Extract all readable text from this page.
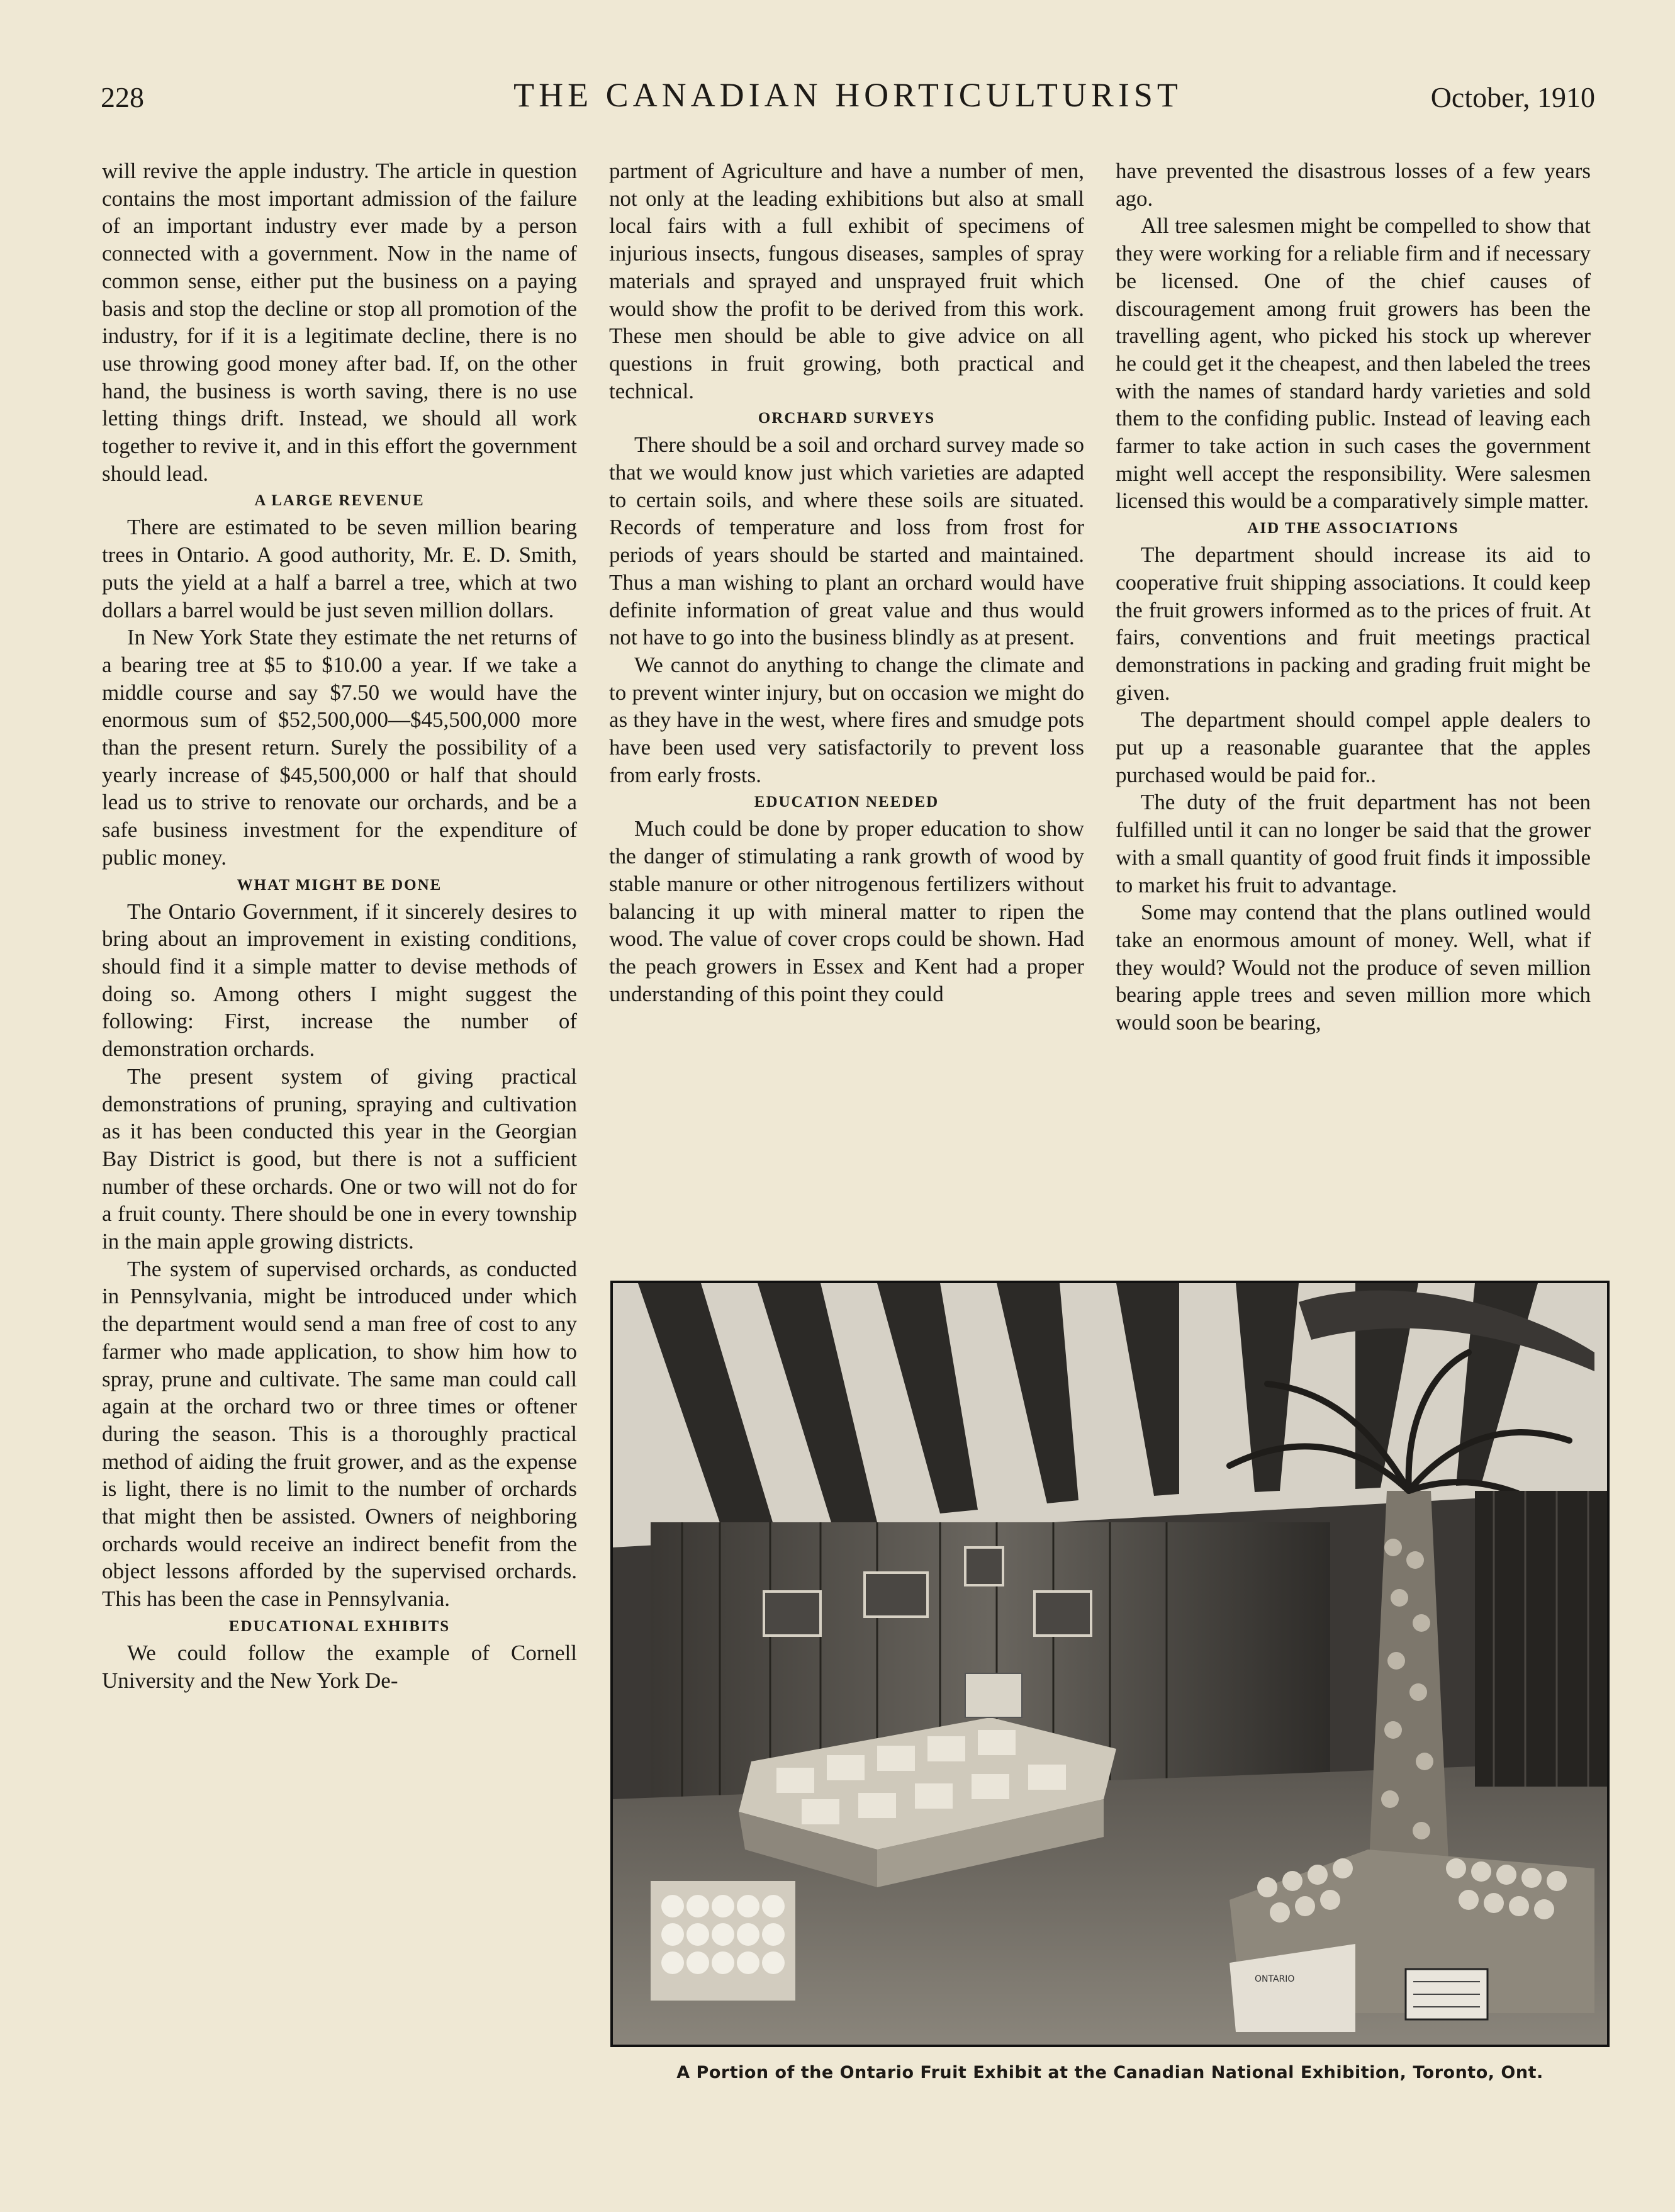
228	THE CANADIAN HORTICULTURIST	October, 1910

will revive the apple industry. The article in question contains the most important admission of the failure of an important industry ever made by a person connected with a government. Now in the name of common sense, either put the business on a paying basis and stop the decline or stop all promotion of the industry, for if it is a legitimate decline, there is no use throwing good money after bad. If, on the other hand, the business is worth saving, there is no use letting things drift. Instead, we should all work together to revive it, and in this effort the government should lead.

A LARGE REVENUE

There are estimated to be seven million bearing trees in Ontario. A good authority, Mr. E. D. Smith, puts the yield at a half a barrel a tree, which at two dollars a barrel would be just seven million dollars.

In New York State they estimate the net returns of a bearing tree at $5 to $10.00 a year. If we take a middle course and say $7.50 we would have the enormous sum of $52,500,000—$45,500,000 more than the present return. Surely the possibility of a yearly increase of $45,500,000 or half that should lead us to strive to renovate our orchards, and be a safe business investment for the expenditure of public money.

WHAT MIGHT BE DONE

The Ontario Government, if it sincerely desires to bring about an improvement in existing conditions, should find it a simple matter to devise methods of doing so. Among others I might suggest the following: First, increase the number of demonstration orchards.

The present system of giving practical demonstrations of pruning, spraying and cultivation as it has been conducted this year in the Georgian Bay District is good, but there is not a sufficient number of these orchards. One or two will not do for a fruit county. There should be one in every township in the main apple growing districts.

The system of supervised orchards, as conducted in Pennsylvania, might be introduced under which the department would send a man free of cost to any farmer who made application, to show him how to spray, prune and cultivate. The same man could call again at the orchard two or three times or oftener during the season. This is a thoroughly practical method of aiding the fruit grower, and as the expense is light, there is no limit to the number of orchards that might then be assisted. Owners of neighboring orchards would receive an indirect benefit from the object lessons afforded by the supervised orchards. This has been the case in Pennsylvania.

EDUCATIONAL EXHIBITS

We could follow the example of Cornell University and the New York De-

partment of Agriculture and have a number of men, not only at the leading exhibitions but also at small local fairs with a full exhibit of specimens of injurious insects, fungous diseases, samples of spray materials and sprayed and unsprayed fruit which would show the profit to be derived from this work. These men should be able to give advice on all questions in fruit growing, both practical and technical.

ORCHARD SURVEYS

There should be a soil and orchard survey made so that we would know just which varieties are adapted to certain soils, and where these soils are situated. Records of temperature and loss from frost for periods of years should be started and maintained. Thus a man wishing to plant an orchard would have definite information of great value and thus would not have to go into the business blindly as at present.

We cannot do anything to change the climate and to prevent winter injury, but on occasion we might do as they have in the west, where fires and smudge pots have been used very satisfactorily to prevent loss from early frosts.

EDUCATION NEEDED

Much could be done by proper education to show the danger of stimulating a rank growth of wood by stable manure or other nitrogenous fertilizers without balancing it up with mineral matter to ripen the wood. The value of cover crops could be shown. Had the peach growers in Essex and Kent had a proper understanding of this point they could

have prevented the disastrous losses of a few years ago.

All tree salesmen might be compelled to show that they were working for a reliable firm and if necessary be licensed. One of the chief causes of discouragement among fruit growers has been the travelling agent, who picked his stock up wherever he could get it the cheapest, and then labeled the trees with the names of standard hardy varieties and sold them to the confiding public. Instead of leaving each farmer to take action in such cases the government might well accept the responsibility. Were salesmen licensed this would be a comparatively simple matter.

AID THE ASSOCIATIONS

The department should increase its aid to cooperative fruit shipping associations. It could keep the fruit growers informed as to the prices of fruit. At fairs, conventions and fruit meetings practical demonstrations in packing and grading fruit might be given.

The department should compel apple dealers to put up a reasonable guarantee that the apples purchased would be paid for..

The duty of the fruit department has not been fulfilled until it can no longer be said that the grower with a small quantity of good fruit finds it impossible to market his fruit to advantage.

Some may contend that the plans outlined would take an enormous amount of money. Well, what if they would? Would not the produce of seven million bearing apple trees and seven million more which would soon be bearing,

ONTARIO
A Portion of the Ontario Fruit Exhibit at the Canadian National Exhibition, Toronto, Ont.
